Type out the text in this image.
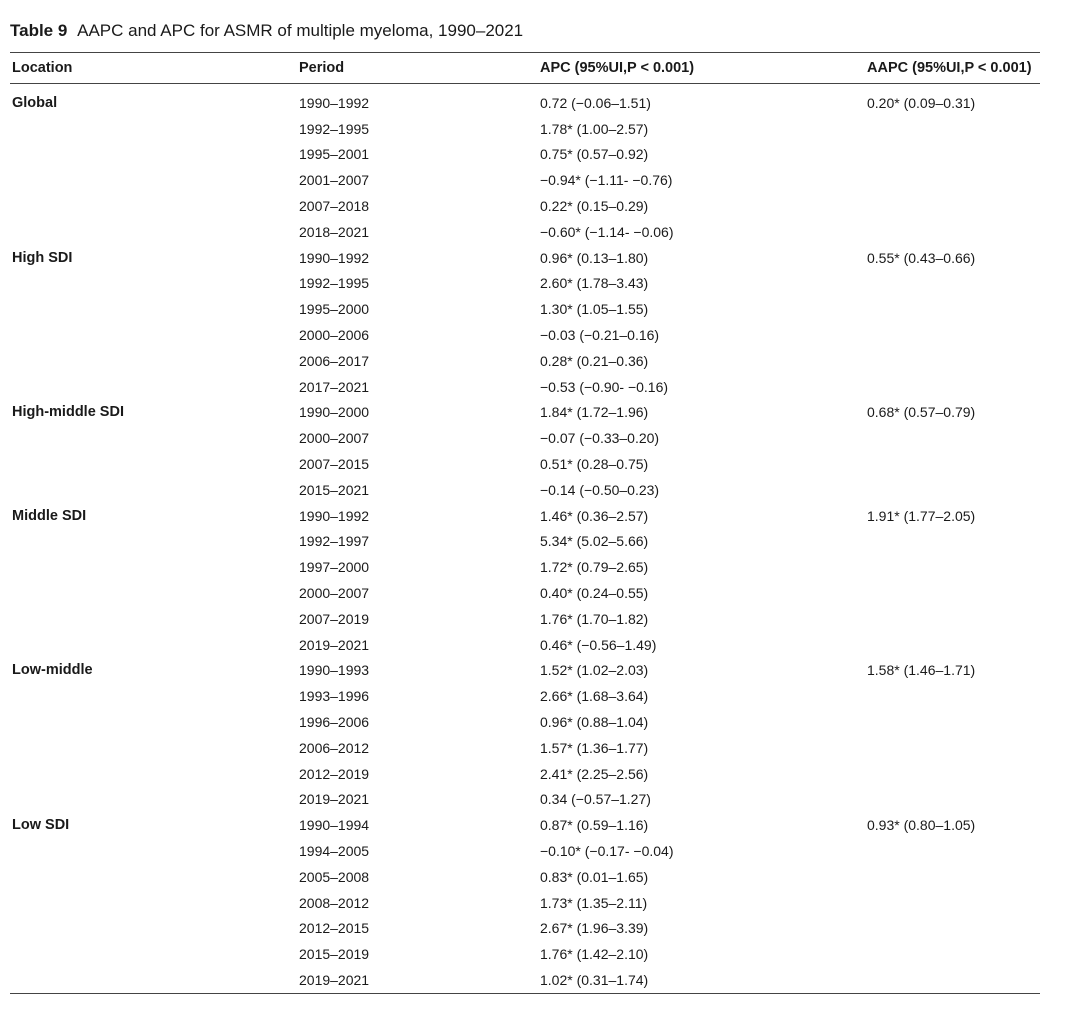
Table 9 AAPC and APC for ASMR of multiple myeloma, 1990–2021
Location	Period	APC (95%UI,P < 0.001)	AAPC (95%UI,P < 0.001)
Global	1990–1992	0.72 (−0.06–1.51)	0.20* (0.09–0.31)
	1992–1995	1.78* (1.00–2.57)	
	1995–2001	0.75* (0.57–0.92)	
	2001–2007	−0.94* (−1.11- −0.76)	
	2007–2018	0.22* (0.15–0.29)	
	2018–2021	−0.60* (−1.14- −0.06)	
High SDI	1990–1992	0.96* (0.13–1.80)	0.55* (0.43–0.66)
	1992–1995	2.60* (1.78–3.43)	
	1995–2000	1.30* (1.05–1.55)	
	2000–2006	−0.03 (−0.21–0.16)	
	2006–2017	0.28* (0.21–0.36)	
	2017–2021	−0.53 (−0.90- −0.16)	
High-middle SDI	1990–2000	1.84* (1.72–1.96)	0.68* (0.57–0.79)
	2000–2007	−0.07 (−0.33–0.20)	
	2007–2015	0.51* (0.28–0.75)	
	2015–2021	−0.14 (−0.50–0.23)	
Middle SDI	1990–1992	1.46* (0.36–2.57)	1.91* (1.77–2.05)
	1992–1997	5.34* (5.02–5.66)	
	1997–2000	1.72* (0.79–2.65)	
	2000–2007	0.40* (0.24–0.55)	
	2007–2019	1.76* (1.70–1.82)	
	2019–2021	0.46* (−0.56–1.49)	
Low-middle	1990–1993	1.52* (1.02–2.03)	1.58* (1.46–1.71)
	1993–1996	2.66* (1.68–3.64)	
	1996–2006	0.96* (0.88–1.04)	
	2006–2012	1.57* (1.36–1.77)	
	2012–2019	2.41* (2.25–2.56)	
	2019–2021	0.34 (−0.57–1.27)	
Low SDI	1990–1994	0.87* (0.59–1.16)	0.93* (0.80–1.05)
	1994–2005	−0.10* (−0.17- −0.04)	
	2005–2008	0.83* (0.01–1.65)	
	2008–2012	1.73* (1.35–2.11)	
	2012–2015	2.67* (1.96–3.39)	
	2015–2019	1.76* (1.42–2.10)	
	2019–2021	1.02* (0.31–1.74)	
